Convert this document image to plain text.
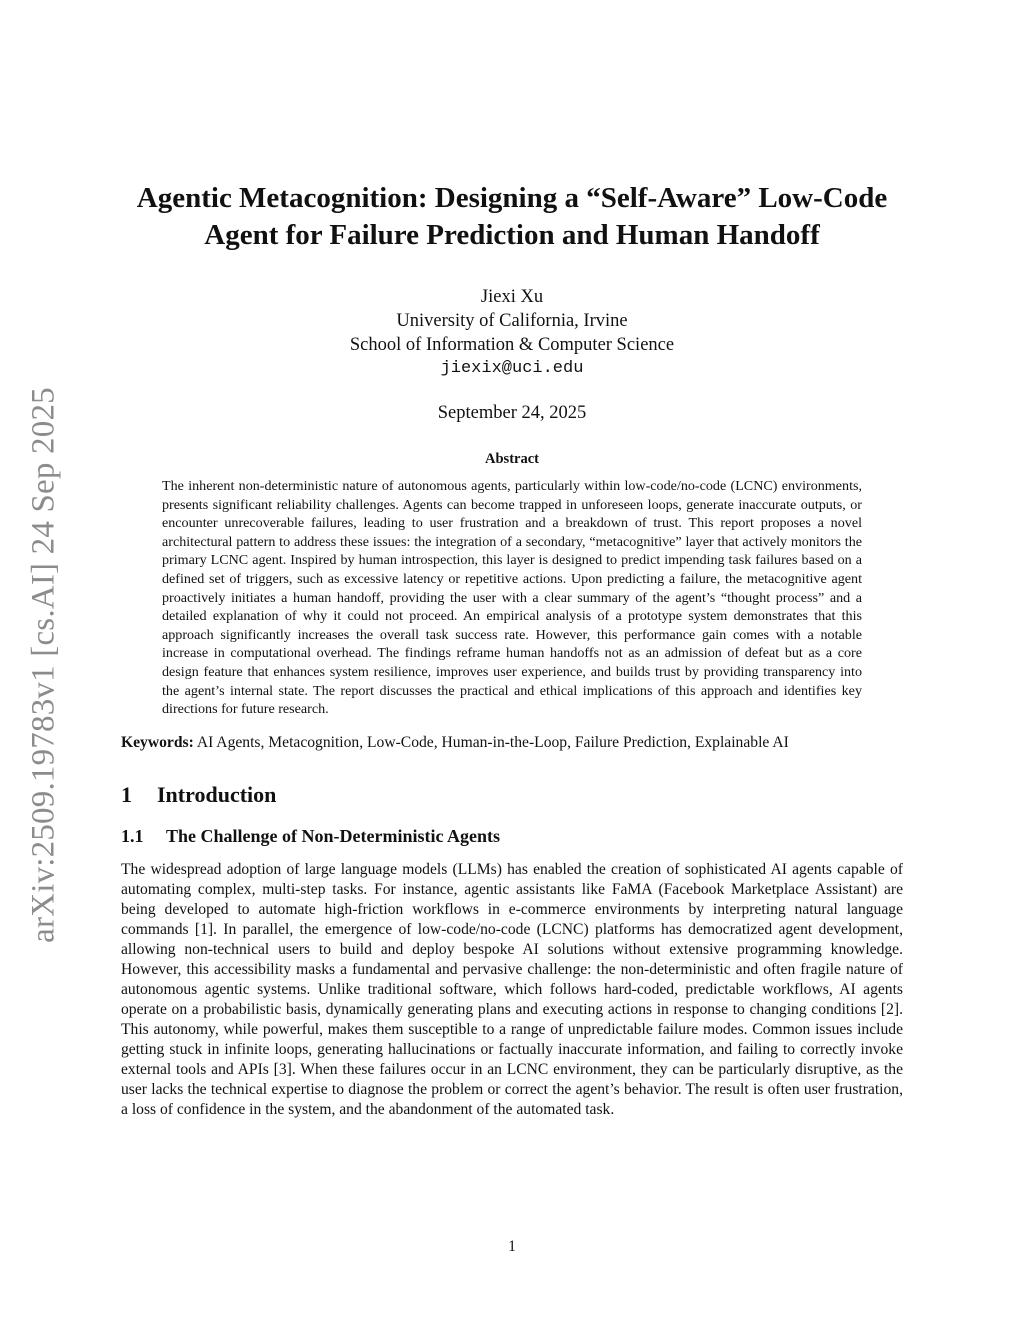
arXiv:2509.19783v1 [cs.AI] 24 Sep 2025
Agentic Metacognition: Designing a “Self-Aware” Low-Code Agent for Failure Prediction and Human Handoff
Jiexi Xu
University of California, Irvine
School of Information & Computer Science
jiexix@uci.edu
September 24, 2025
Abstract

The inherent non-deterministic nature of autonomous agents, particularly within low-code/no-code (LCNC) environments, presents significant reliability challenges. Agents can become trapped in unforeseen loops, generate inaccurate outputs, or encounter unrecoverable failures, leading to user frustration and a breakdown of trust. This report proposes a novel architectural pattern to address these issues: the integration of a secondary, “metacognitive” layer that actively monitors the primary LCNC agent. Inspired by human introspection, this layer is designed to predict impending task failures based on a defined set of triggers, such as excessive latency or repetitive actions. Upon predicting a failure, the metacognitive agent proactively initiates a human handoff, providing the user with a clear summary of the agent’s “thought process” and a detailed explanation of why it could not proceed. An empirical analysis of a prototype system demonstrates that this approach significantly increases the overall task success rate. However, this performance gain comes with a notable increase in computational overhead. The findings reframe human handoffs not as an admission of defeat but as a core design feature that enhances system resilience, improves user experience, and builds trust by providing transparency into the agent’s internal state. The report discusses the practical and ethical implications of this approach and identifies key directions for future research.

Keywords: AI Agents, Metacognition, Low-Code, Human-in-the-Loop, Failure Prediction, Explainable AI
1 Introduction
1.1 The Challenge of Non-Deterministic Agents

The widespread adoption of large language models (LLMs) has enabled the creation of sophisticated AI agents capable of automating complex, multi-step tasks. For instance, agentic assistants like FaMA (Facebook Marketplace Assistant) are being developed to automate high-friction workflows in e-commerce environments by interpreting natural language commands [1]. In parallel, the emergence of low-code/no-code (LCNC) platforms has democratized agent development, allowing non-technical users to build and deploy bespoke AI solutions without extensive programming knowledge. However, this accessibility masks a fundamental and pervasive challenge: the non-deterministic and often fragile nature of autonomous agentic systems. Unlike traditional software, which follows hard-coded, predictable workflows, AI agents operate on a probabilistic basis, dynamically generating plans and executing actions in response to changing conditions [2]. This autonomy, while powerful, makes them susceptible to a range of unpredictable failure modes. Common issues include getting stuck in infinite loops, generating hallucinations or factually inaccurate information, and failing to correctly invoke external tools and APIs [3]. When these failures occur in an LCNC environment, they can be particularly disruptive, as the user lacks the technical expertise to diagnose the problem or correct the agent’s behavior. The result is often user frustration, a loss of confidence in the system, and the abandonment of the automated task.

1
